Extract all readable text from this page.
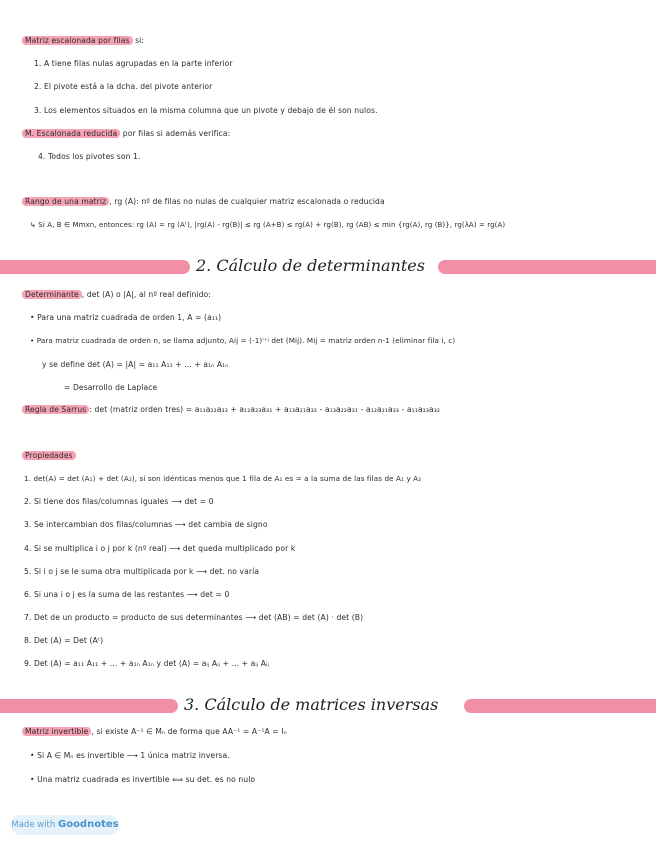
Matriz escalonada por filas si:
1. A tiene filas nulas agrupadas en la parte inferior
2. El pivote está a la dcha. del pivote anterior
3. Los elementos situados en la misma columna que un pivote y debajo de él son nulos.
M. Escalonada reducida por filas si además verifica:
4. Todos los pivotes son 1.
Rango de una matriz , rg (A): nº de filas no nulas de cualquier matriz escalonada o reducida
↳ Si A, B ∈ Mmxn, entonces: rg (A) = rg (Aᵗ), |rg(A) - rg(B)| ≤ rg (A+B) ≤ rg(A) + rg(B), rg (AB) ≤ min {rg(A), rg (B)}, rg(λA) = rg(A)
2. Cálculo de determinantes
Determinante , det (A) o |A|, al nº real definido:
• Para una matriz cuadrada de orden 1, A = (a₁₁)
• Para matriz cuadrada de orden n, se llama adjunto, Aij = (-1)ⁱ⁺ʲ det (Mij). Mij = matriz orden n-1 (eliminar fila i, c)
y se define det (A) = |A| = a₁₁ A₁₁ + ... + a₁ₙ A₁ₙ
= Desarrollo de Laplace
Regla de Sarrus : det (matriz orden tres) = a₁₁a₂₂a₃₃ + a₁₂a₂₃a₃₁ + a₁₃a₂₁a₃₂ - a₁₃a₂₂a₃₁ - a₁₂a₂₁a₃₃ - a₁₁a₂₃a₃₂
Propiedades
1. det(A) = det (A₁) + det (A₂), si son idénticas menos que 1 fila de A₁ es = a la suma de las filas de A₁ y A₂
2. Si tiene dos filas/columnas iguales ⟶ det = 0
3. Se intercambian dos filas/columnas ⟶ det cambia de signo
4. Si se multiplica i o j por k (nº real) ⟶ det queda multiplicado por k
5. Si i o j se le suma otra multiplicada por k ⟶ det. no varía
6. Si una i o j es la suma de las restantes ⟶ det = 0
7. Det de un producto = producto de sus determinantes ⟶ det (AB) = det (A) · det (B)
8. Det (A) = Det (Aᵗ)
9. Det (A) = a₁₁ A₁₁ + ... + a₁ₙ A₁ₙ y det (A) = aᵢⱼ Aᵢⱼ + ... + aᵢⱼ Aᵢⱼ
3. Cálculo de matrices inversas
Matriz invertible , si existe A⁻¹ ∈ Mₙ de forma que AA⁻¹ = A⁻¹A = Iₙ
• Si A ∈ Mₙ es invertible ⟶ 1 única matriz inversa.
• Una matriz cuadrada es invertible ⟺ su det. es no nulo
Made with Goodnotes
